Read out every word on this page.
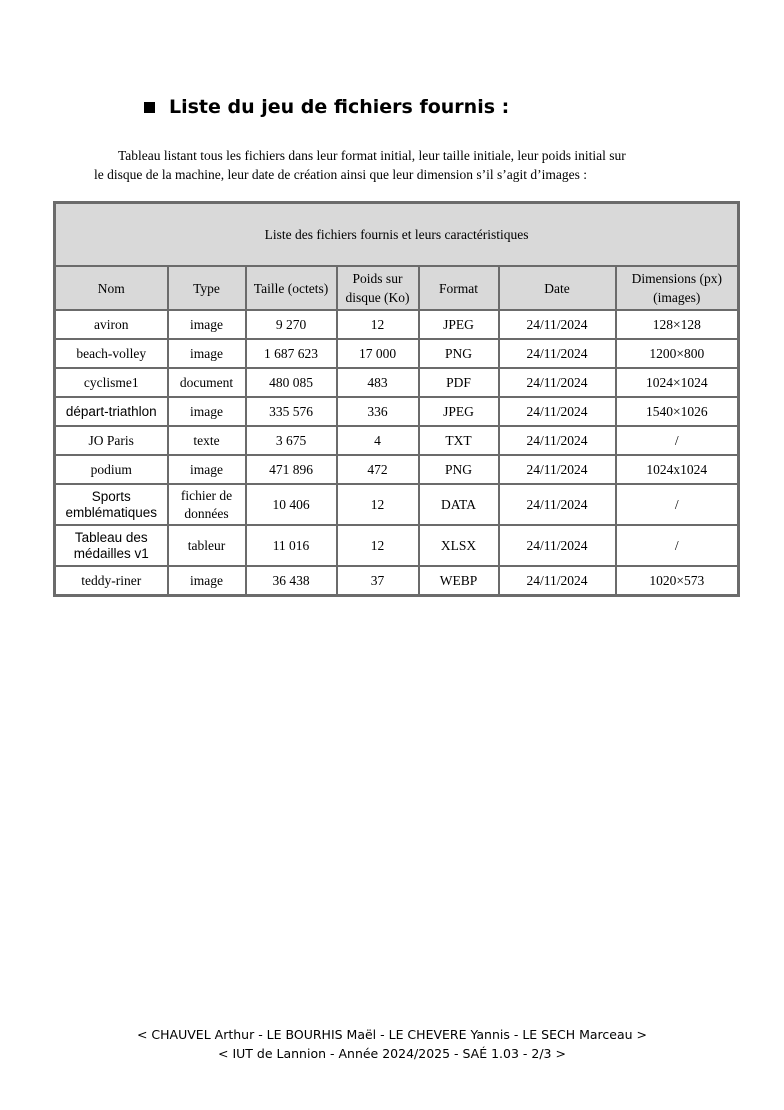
Liste du jeu de fichiers fournis :
Tableau listant tous les fichiers dans leur format initial, leur taille initiale, leur poids initial sur
le disque de la machine, leur date de création ainsi que leur dimension s’il s’agit d’images :
Liste des fichiers fournis et leurs caractéristiques						
Nom	Type	Taille (octets)	Poids sur
disque (Ko)	Format	Date	Dimensions (px)
(images)
aviron	image	9 270	12	JPEG	24/11/2024	128×128
beach-volley	image	1 687 623	17 000	PNG	24/11/2024	1200×800
cyclisme1	document	480 085	483	PDF	24/11/2024	1024×1024
départ-triathlon	image	335 576	336	JPEG	24/11/2024	1540×1026
JO Paris	texte	3 675	4	TXT	24/11/2024	/
podium	image	471 896	472	PNG	24/11/2024	1024x1024
Sports
emblématiques	fichier de
données	10 406	12	DATA	24/11/2024	/
Tableau des
médailles v1	tableur	11 016	12	XLSX	24/11/2024	/
teddy-riner	image	36 438	37	WEBP	24/11/2024	1020×573
< CHAUVEL Arthur - LE BOURHIS Maël - LE CHEVERE Yannis - LE SECH Marceau >
< IUT de Lannion - Année 2024/2025 - SAÉ 1.03 - 2/3 >
